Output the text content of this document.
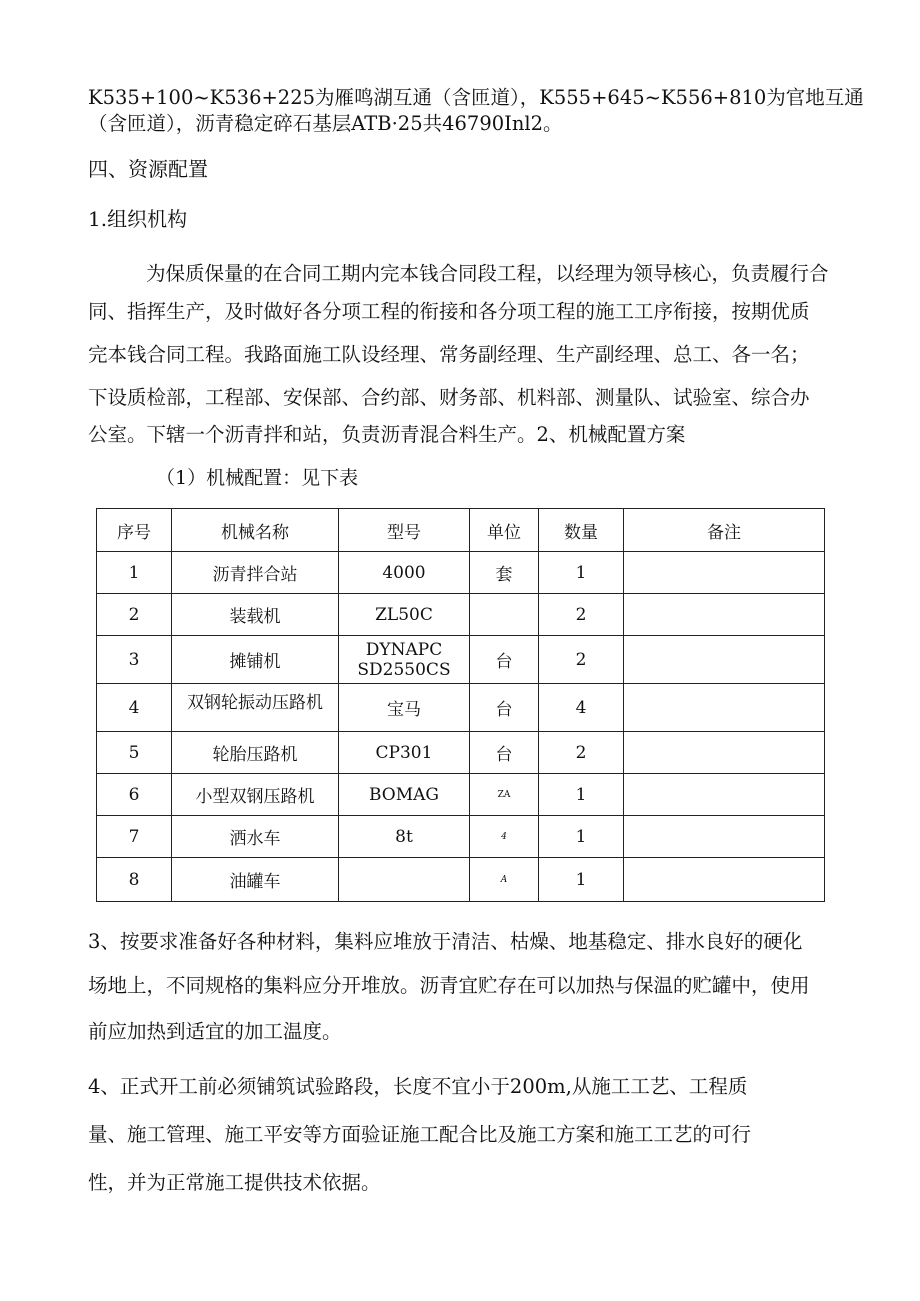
K535+100~K536+225为雁鸣湖互通（含匝道），K555+645~K556+810为官地互通
（含匝道），沥青稳定碎石基层ATB·25共46790Inl2。
四、资源配置
1.组织机构
为保质保量的在合同工期内完本钱合同段工程，以经理为领导核心，负责履行合
同、指挥生产，及时做好各分项工程的衔接和各分项工程的施工工序衔接，按期优质
完本钱合同工程。我路面施工队设经理、常务副经理、生产副经理、总工、各一名；
下设质检部，工程部、安保部、合约部、财务部、机料部、测量队、试验室、综合办
公室。下辖一个沥青拌和站，负责沥青混合料生产。2、机械配置方案
（1）机械配置：见下表
序号	机械名称	型号	单位	数量	备注
1	沥青拌合站	4000	套	1	
2	装载机	ZL50C		2	
3	摊铺机	DYNAPC
SD2550CS	台	2	
4	双钢轮振动压路机	宝马	台	4	
5	轮胎压路机	CP301	台	2	
6	小型双钢压路机	BOMAG	ZA	1	
7	洒水车	8t	4	1	
8	油罐车		A	1	
3、按要求准备好各种材料，集料应堆放于清洁、枯燥、地基稳定、排水良好的硬化
场地上，不同规格的集料应分开堆放。沥青宜贮存在可以加热与保温的贮罐中，使用
前应加热到适宜的加工温度。
4、正式开工前必须铺筑试验路段，长度不宜小于200m,从施工工艺、工程质
量、施工管理、施工平安等方面验证施工配合比及施工方案和施工工艺的可行
性，并为正常施工提供技术依据。
